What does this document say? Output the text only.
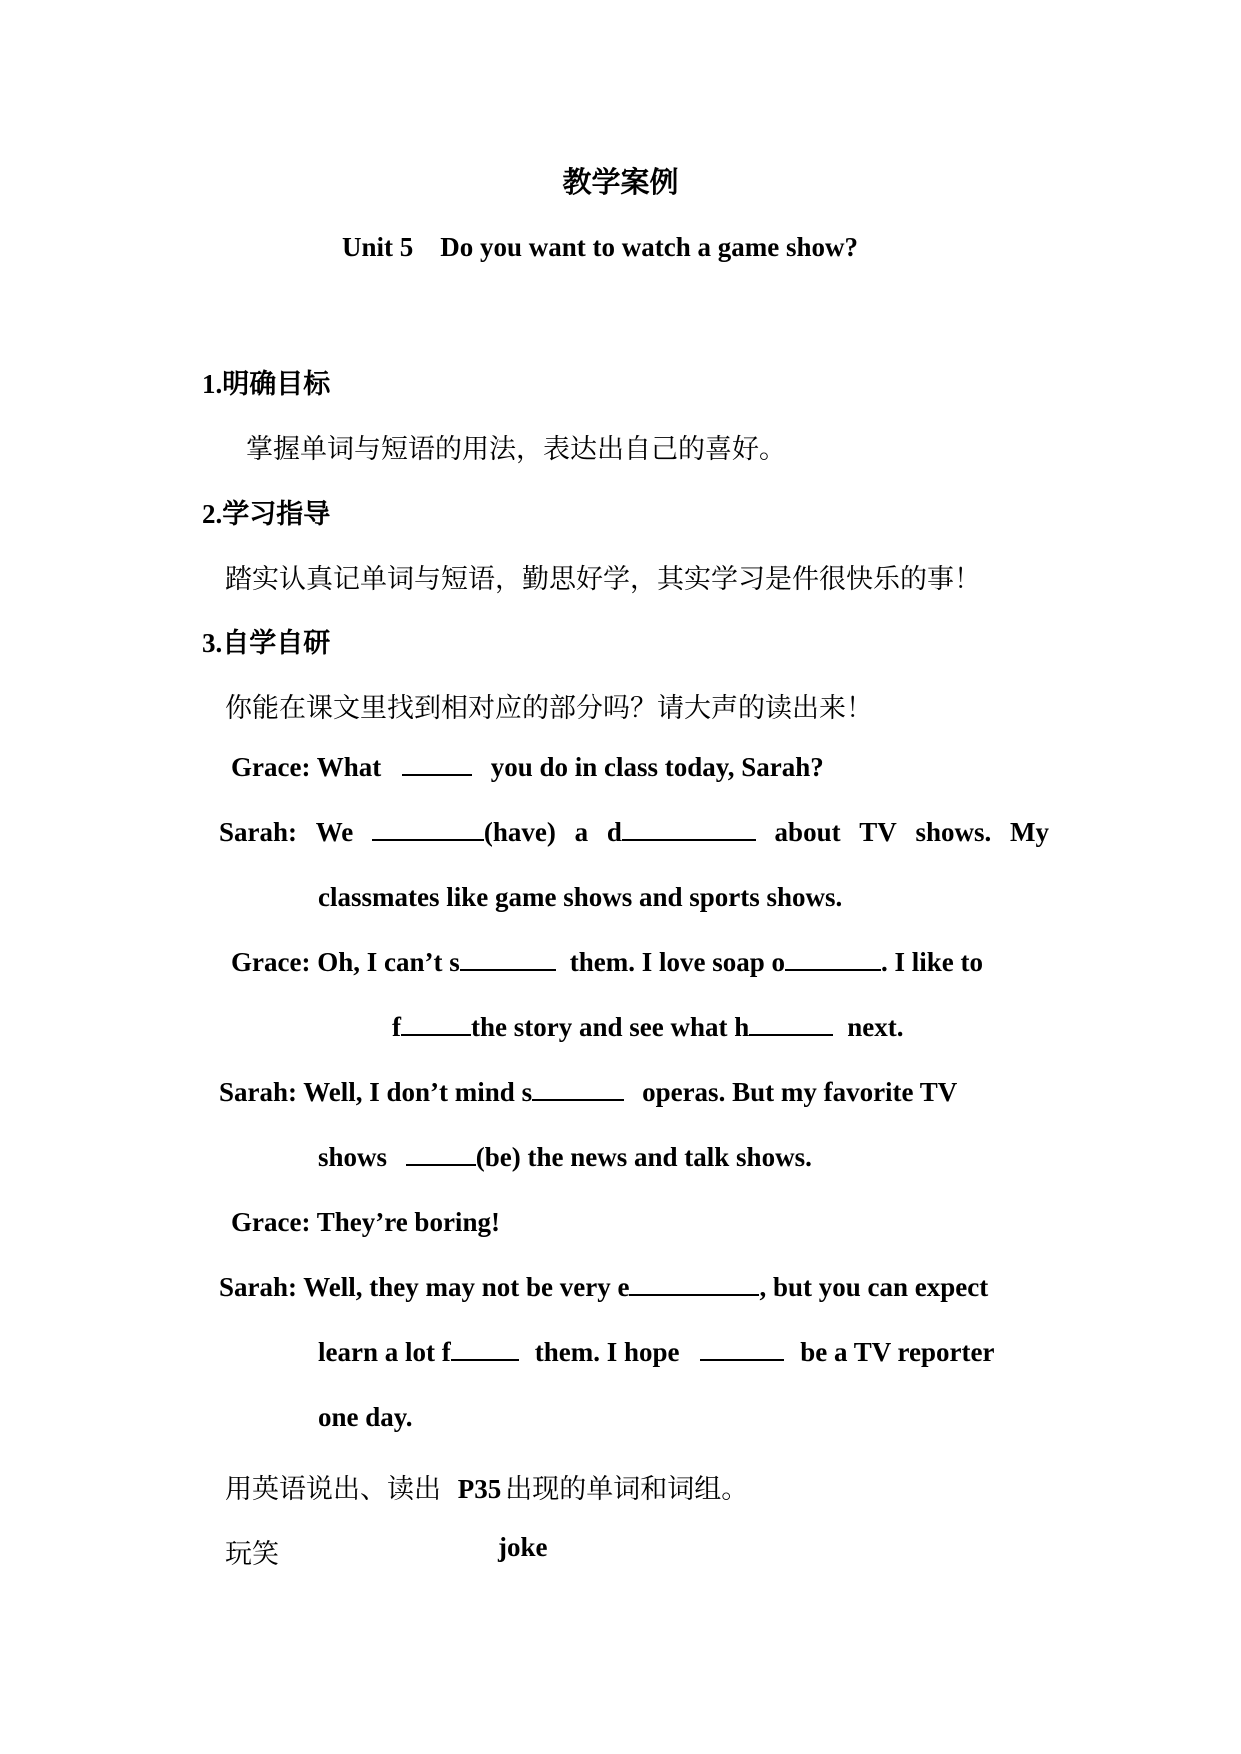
教学案例
Unit 5    Do you want to watch a game show?
1.明确目标
掌握单词与短语的用法，表达出自己的喜好。
2.学习指导
踏实认真记单词与短语，勤思好学，其实学习是件很快乐的事！
3.自学自研
你能在课文里找到相对应的部分吗？请大声的读出来！
Grace: What	you do in class today, Sarah?
Sarah: We	(have) a d	about TV shows. My
classmates like game shows and sports shows.
Grace: Oh, I can’t s	them. I love soap o	. I like to
f	the story and see what h	next.
Sarah: Well, I don’t mind s	operas. But my favorite TV
shows	(be) the news and talk shows.
Grace: They’re boring!
Sarah: Well, they may not be very e	, but you can expect
learn a lot f	them. I hope	be a TV reporter
one day.
用英语说出、读出 P35 出现的单词和词组。
玩笑	joke
